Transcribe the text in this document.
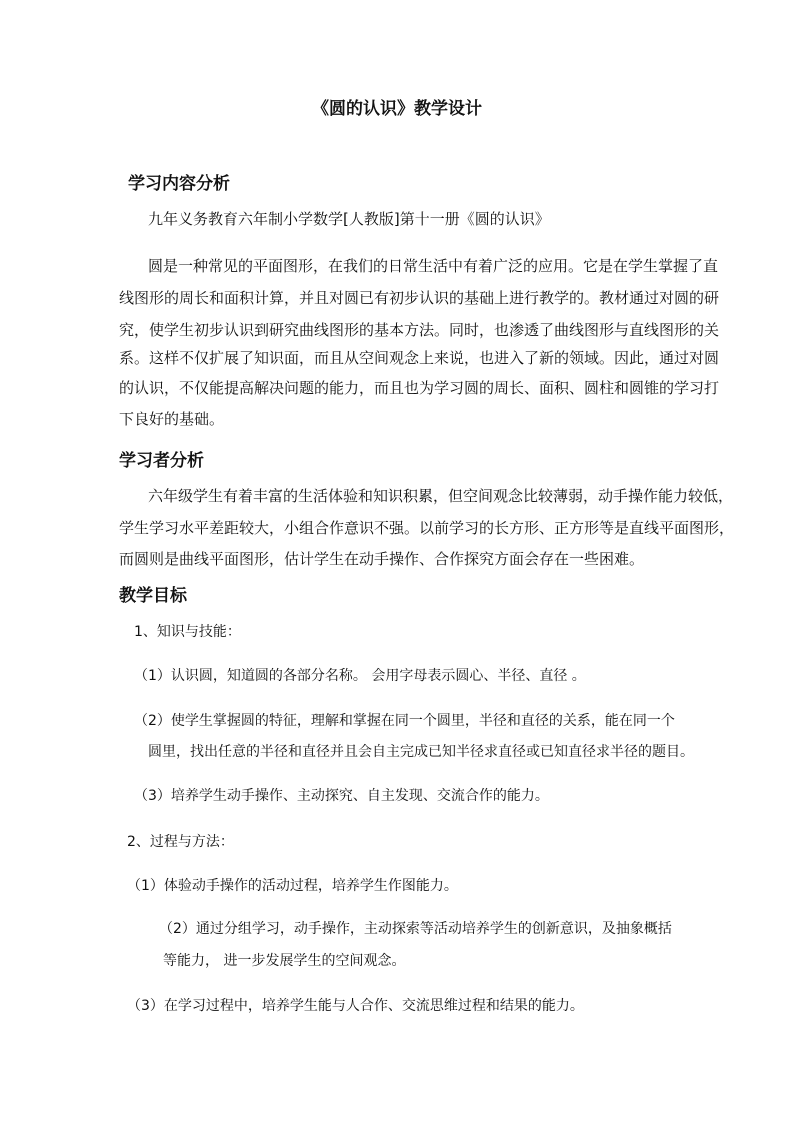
《圆的认识》教学设计
学习内容分析
九年义务教育六年制小学数学[人教版]第十一册《圆的认识》
圆是一种常见的平面图形，在我们的日常生活中有着广泛的应用。它是在学生掌握了直
线图形的周长和面积计算，并且对圆已有初步认识的基础上进行教学的。教材通过对圆的研
究，使学生初步认识到研究曲线图形的基本方法。同时，也渗透了曲线图形与直线图形的关
系。这样不仅扩展了知识面，而且从空间观念上来说，也进入了新的领域。因此，通过对圆
的认识，不仅能提高解决问题的能力，而且也为学习圆的周长、面积、圆柱和圆锥的学习打
下良好的基础。
学习者分析
六年级学生有着丰富的生活体验和知识积累，但空间观念比较薄弱，动手操作能力较低，
学生学习水平差距较大，小组合作意识不强。以前学习的长方形、正方形等是直线平面图形，
而圆则是曲线平面图形，估计学生在动手操作、合作探究方面会存在一些困难。
教学目标
1、知识与技能：
（1）认识圆，知道圆的各部分名称。 会用字母表示圆心、半径、直径 。
（2）使学生掌握圆的特征，理解和掌握在同一个圆里，半径和直径的关系，能在同一个
圆里，找出任意的半径和直径并且会自主完成已知半径求直径或已知直径求半径的题目。
（3）培养学生动手操作、主动探究、自主发现、交流合作的能力。
2、过程与方法：
（1）体验动手操作的活动过程，培养学生作图能力。
（2）通过分组学习，动手操作，主动探索等活动培养学生的创新意识，及抽象概括
等能力， 进一步发展学生的空间观念。
（3）在学习过程中，培养学生能与人合作、交流思维过程和结果的能力。
